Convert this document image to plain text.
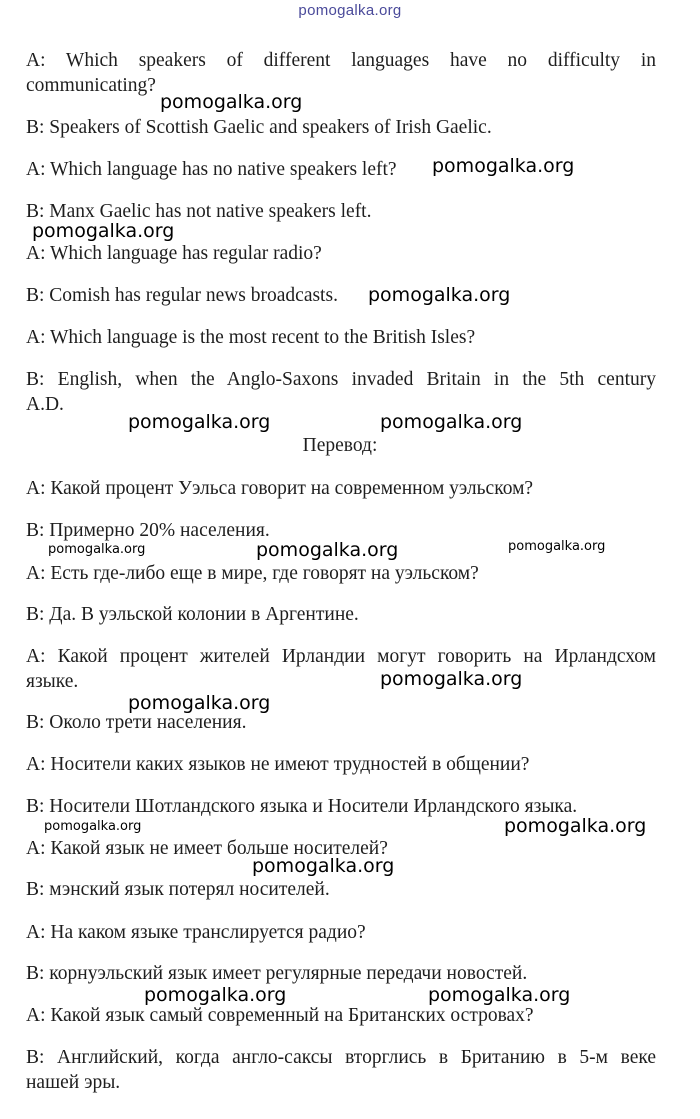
pomogalka.org
A: Which speakers of different languages have no difficulty in
communicating?
B: Speakers of Scottish Gaelic and speakers of Irish Gaelic.
A: Which language has no native speakers left?
B: Manx Gaelic has not native speakers left.
A: Which language has regular radio?
B: Comish has regular news broadcasts.
A: Which language is the most recent to the British Isles?
B: English, when the Anglo-Saxons invaded Britain in the 5th century
A.D.
Перевод:
A: Какой процент Уэльса говорит на современном уэльском?
B: Примерно 20% населения.
A: Есть где-либо еще в мире, где говорят на уэльском?
B: Да. В уэльской колонии в Аргентине.
A: Какой процент жителей Ирландии могут говорить на Ирландсхом
языке.
B: Около трети населения.
A: Носители каких языков не имеют трудностей в общении?
B: Носители Шотландского языка и Носители Ирландского языка.
A: Какой язык не имеет больше носителей?
B: мэнский язык потерял носителей.
A: На каком языке транслируется радио?
B: корнуэльский язык имеет регулярные передачи новостей.
A: Какой язык самый современный на Британских островах?
B: Английский, когда англо-саксы вторглись в Британию в 5-м веке
нашей эры.
pomogalka.org
pomogalka.org
pomogalka.org
pomogalka.org
pomogalka.org	pomogalka.org
pomogalka.org	pomogalka.org	pomogalka.org
pomogalka.org
pomogalka.org
pomogalka.org	pomogalka.org
pomogalka.org
pomogalka.org	pomogalka.org
